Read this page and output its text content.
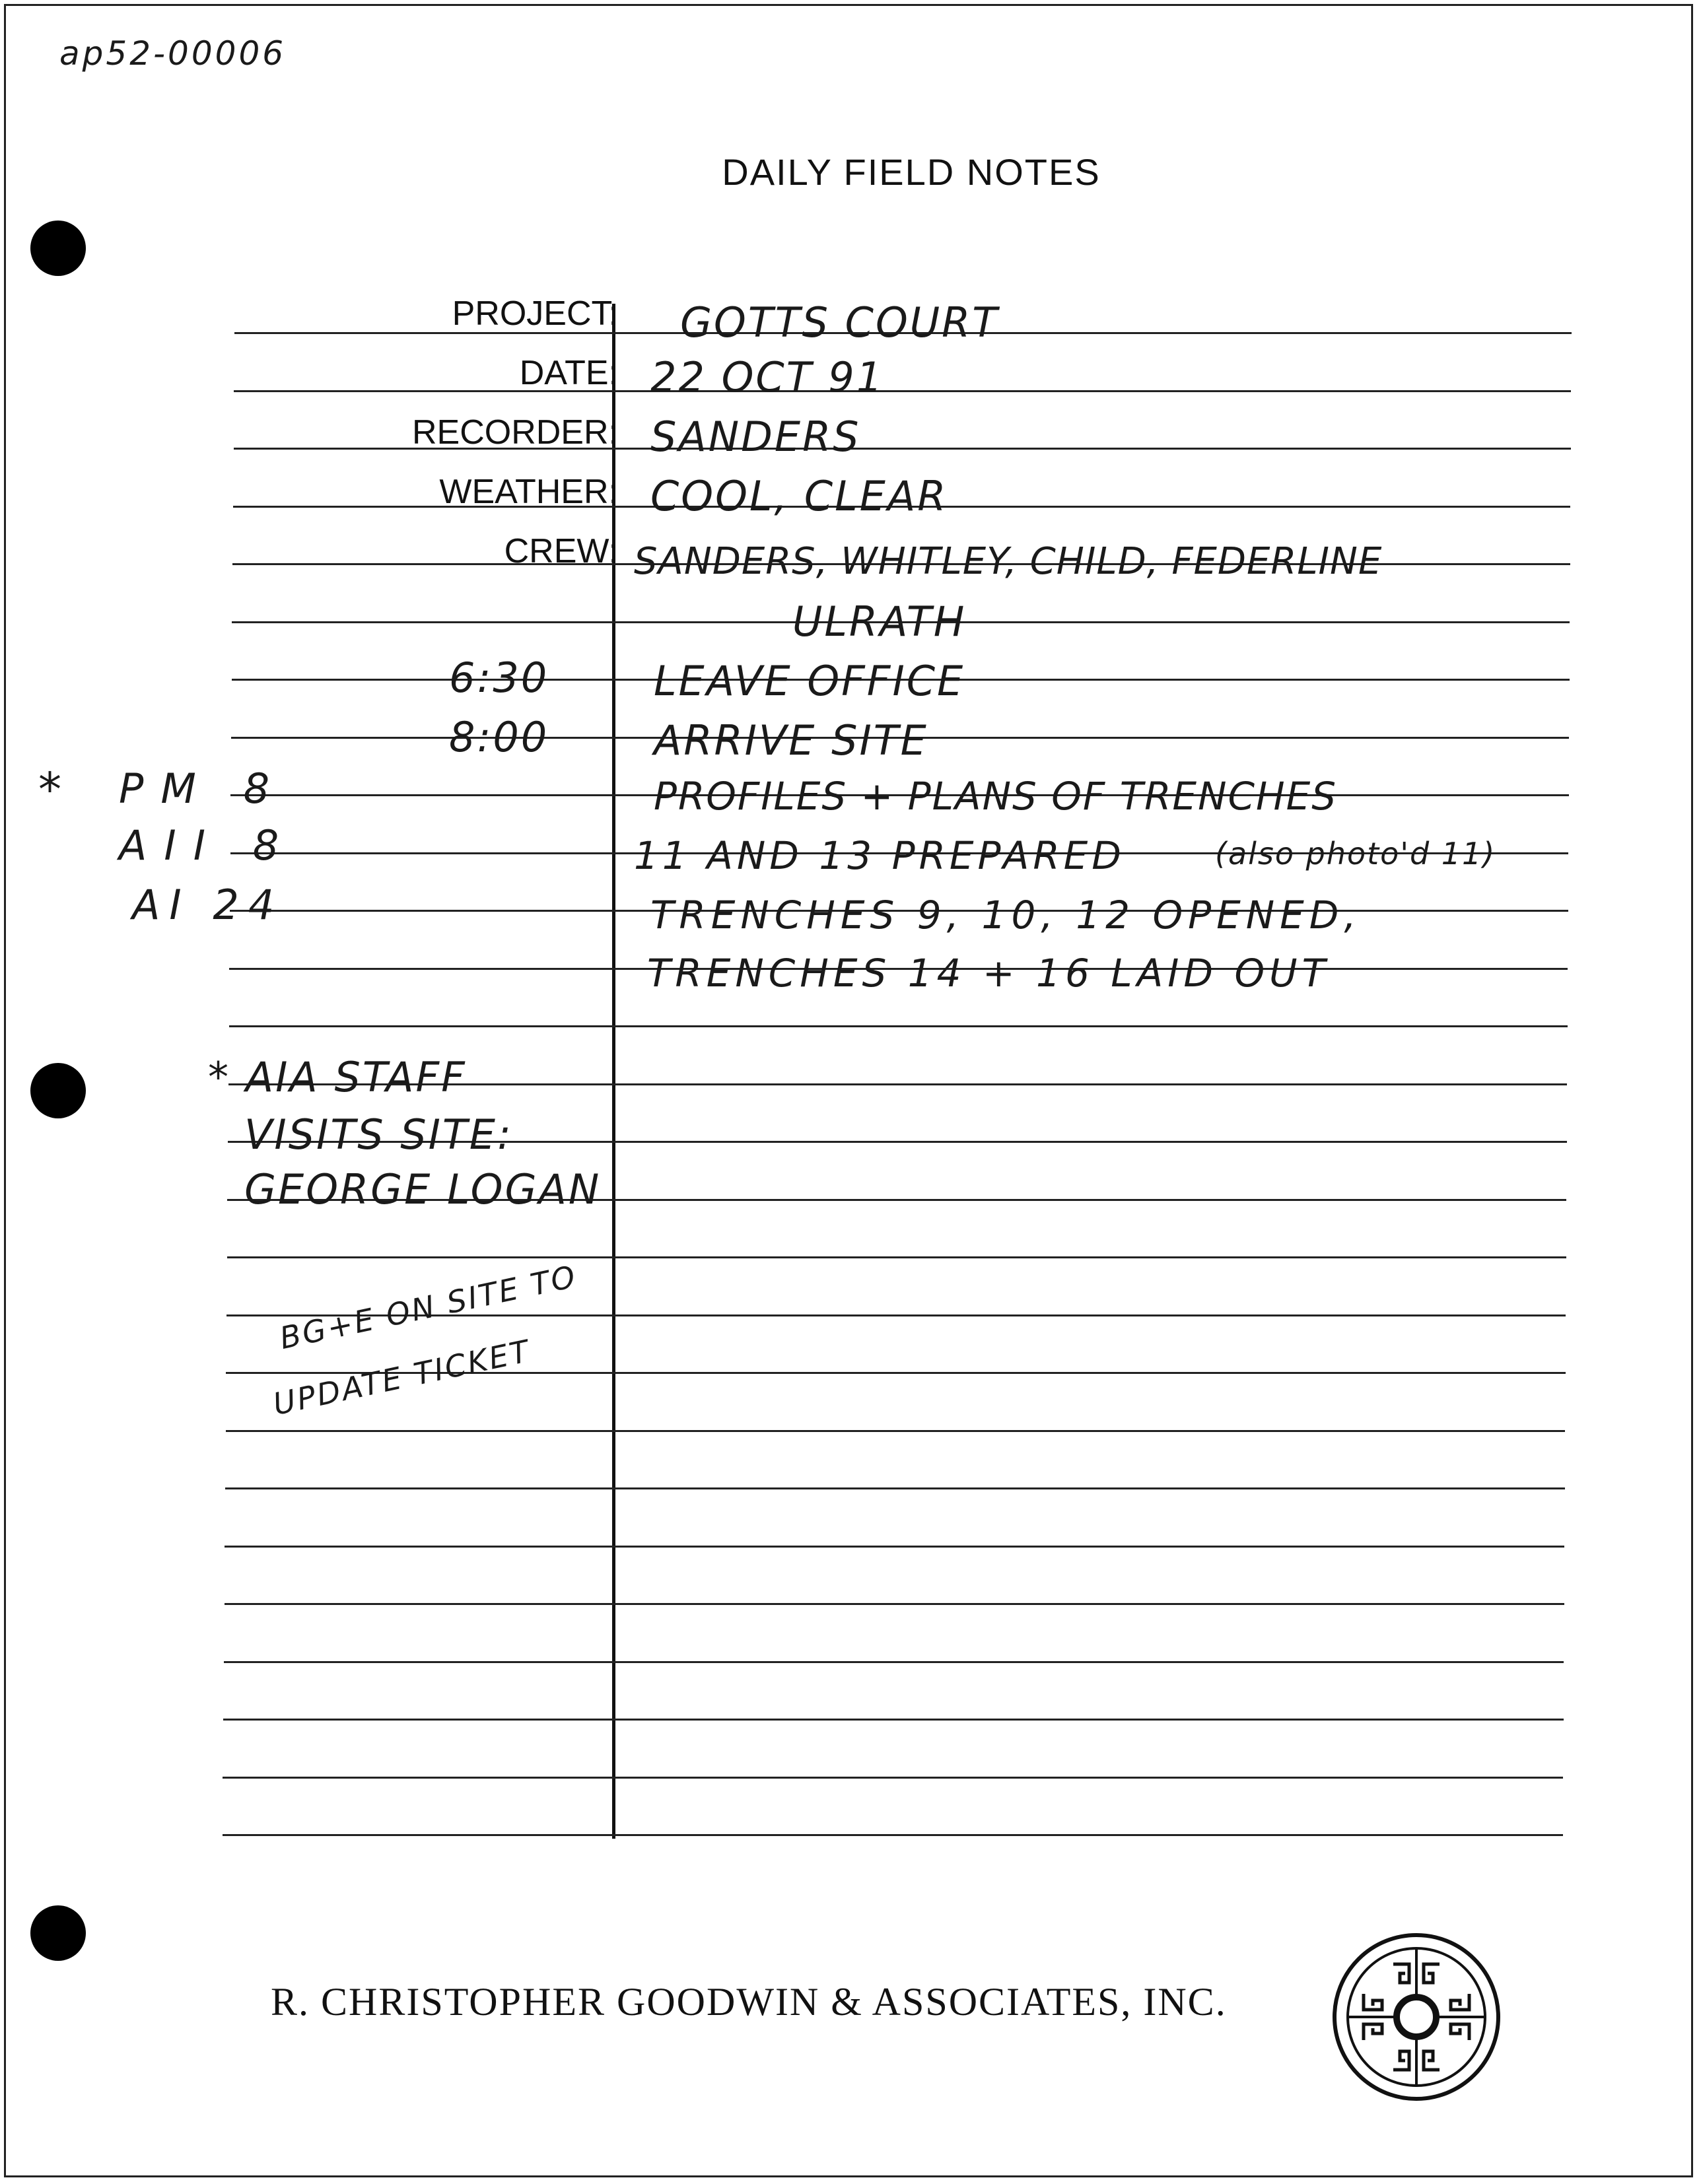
ap52-00006
DAILY FIELD NOTES
PROJECT:
DATE:
RECORDER:
WEATHER:
CREW:
GOTTS COURT
22 OCT 91
SANDERS
COOL, CLEAR
SANDERS, WHITLEY, CHILD, FEDERLINE
ULRATH
6:30
8:00
* PM 8
AII 8
AI 24
LEAVE OFFICE
ARRIVE SITE
PROFILES + PLANS OF TRENCHES
11 AND 13 PREPARED	(also photo'd 11)
TRENCHES 9, 10, 12 OPENED,
TRENCHES 14 + 16 LAID OUT
* AIA STAFF
VISITS SITE:
GEORGE LOGAN
BG+E ON SITE TO
UPDATE TICKET
R. CHRISTOPHER GOODWIN & ASSOCIATES, INC.
